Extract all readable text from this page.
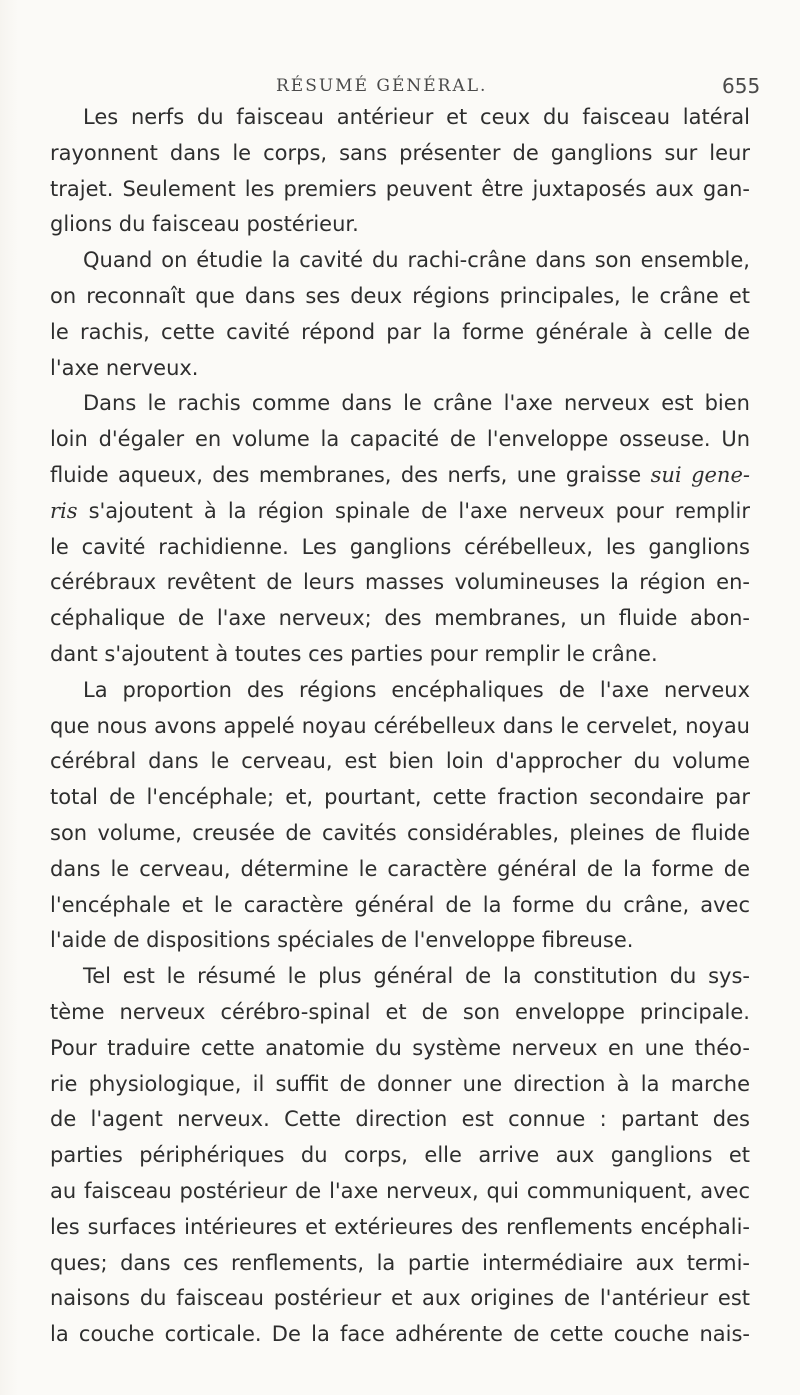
RÉSUMÉ GÉNÉRAL.	655
Les nerfs du faisceau antérieur et ceux du faisceau latéral
rayonnent dans le corps, sans présenter de ganglions sur leur
trajet. Seulement les premiers peuvent être juxtaposés aux gan-
glions du faisceau postérieur.
Quand on étudie la cavité du rachi-crâne dans son ensemble,
on reconnaît que dans ses deux régions principales, le crâne et
le rachis, cette cavité répond par la forme générale à celle de
l'axe nerveux.
Dans le rachis comme dans le crâne l'axe nerveux est bien
loin d'égaler en volume la capacité de l'enveloppe osseuse. Un
fluide aqueux, des membranes, des nerfs, une graisse sui gene-
ris s'ajoutent à la région spinale de l'axe nerveux pour remplir
le cavité rachidienne. Les ganglions cérébelleux, les ganglions
cérébraux revêtent de leurs masses volumineuses la région en-
céphalique de l'axe nerveux; des membranes, un fluide abon-
dant s'ajoutent à toutes ces parties pour remplir le crâne.
La proportion des régions encéphaliques de l'axe nerveux
que nous avons appelé noyau cérébelleux dans le cervelet, noyau
cérébral dans le cerveau, est bien loin d'approcher du volume
total de l'encéphale; et, pourtant, cette fraction secondaire par
son volume, creusée de cavités considérables, pleines de fluide
dans le cerveau, détermine le caractère général de la forme de
l'encéphale et le caractère général de la forme du crâne, avec
l'aide de dispositions spéciales de l'enveloppe fibreuse.
Tel est le résumé le plus général de la constitution du sys-
tème nerveux cérébro-spinal et de son enveloppe principale.
Pour traduire cette anatomie du système nerveux en une théo-
rie physiologique, il suffit de donner une direction à la marche
de l'agent nerveux. Cette direction est connue : partant des
parties périphériques du corps, elle arrive aux ganglions et
au faisceau postérieur de l'axe nerveux, qui communiquent, avec
les surfaces intérieures et extérieures des renflements encéphali-
ques; dans ces renflements, la partie intermédiaire aux termi-
naisons du faisceau postérieur et aux origines de l'antérieur est
la couche corticale. De la face adhérente de cette couche nais-
